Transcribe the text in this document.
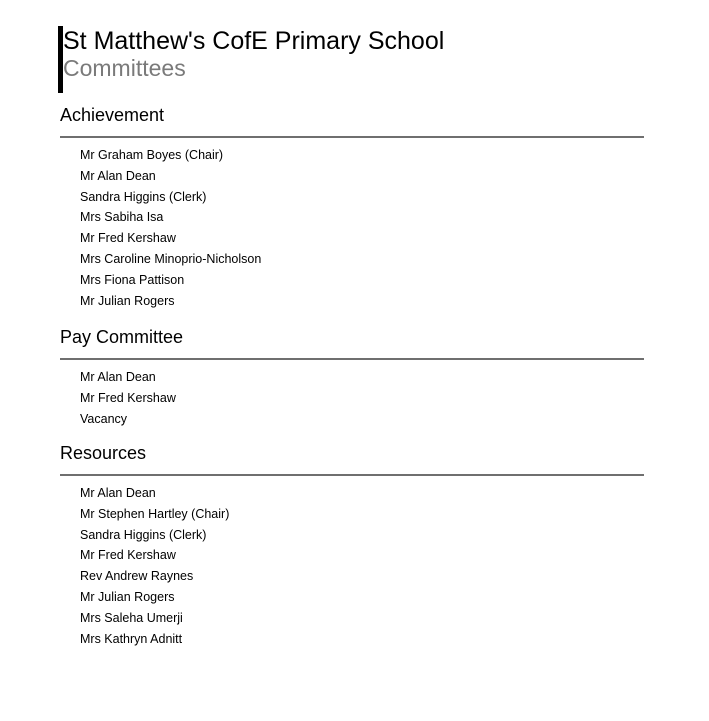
St Matthew's CofE Primary School
Committees
Achievement
Mr Graham Boyes (Chair)
Mr Alan Dean
Sandra Higgins (Clerk)
Mrs Sabiha Isa
Mr Fred Kershaw
Mrs Caroline Minoprio-Nicholson
Mrs Fiona Pattison
Mr Julian Rogers
Pay Committee
Mr Alan Dean
Mr Fred Kershaw
Vacancy
Resources
Mr Alan Dean
Mr Stephen Hartley (Chair)
Sandra Higgins (Clerk)
Mr Fred Kershaw
Rev Andrew Raynes
Mr Julian Rogers
Mrs Saleha Umerji
Mrs Kathryn Adnitt
